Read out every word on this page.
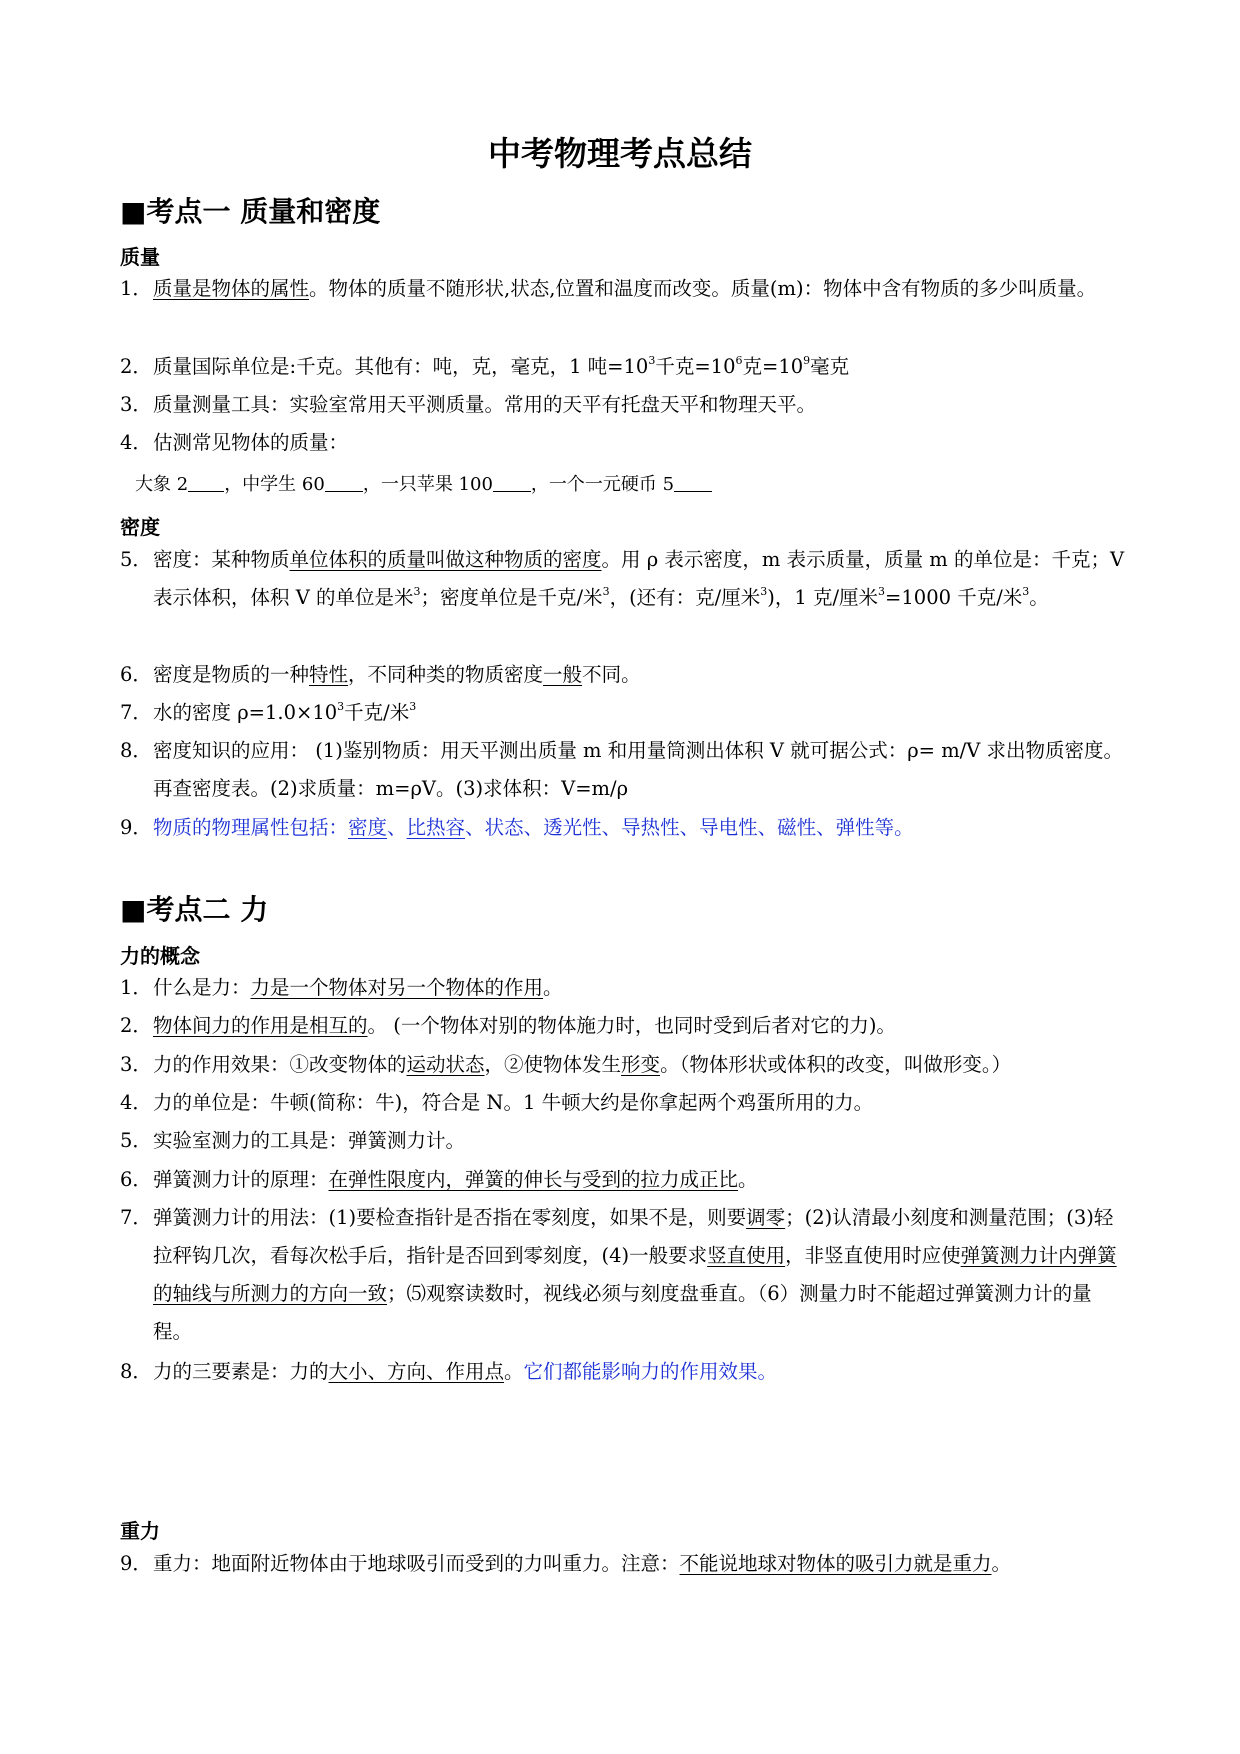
中考物理考点总结
■考点一 质量和密度
质量
1． 质量是物体的属性。物体的质量不随形状,状态,位置和温度而改变。质量(m)：物体中含有物质的多少叫质量。
2． 质量国际单位是:千克。其他有：吨，克，毫克，1 吨$=10^3$千克$=10^6$克$=10^9$毫克
3． 质量测量工具：实验室常用天平测质量。常用的天平有托盘天平和物理天平。
4． 估测常见物体的质量：
大象 2 ，中学生 60 ，一只苹果 100 ，一个一元硬币 5
密度
5． 密度：某种物质单位体积的质量叫做这种物质的密度。用 ρ 表示密度，m 表示质量，质量 m 的单位是：千克；V 表示体积，体积 V 的单位是米$^3$；密度单位是千克/米$^3$，(还有：克/厘米$^3$)，1 克/厘米$^3$=1000 千克/米$^3$。
6． 密度是物质的一种特性，不同种类的物质密度一般不同。
7． 水的密度 $\rho=1.0\times 10^3$千克/米$^3$
8． 密度知识的应用： (1)鉴别物质：用天平测出质量 m 和用量筒测出体积 V 就可据公式：ρ= m/V 求出物质密度。再查密度表。(2)求质量：m=ρV。(3)求体积：V=m/ρ
9． 物质的物理属性包括：密度、比热容、状态、透光性、导热性、导电性、磁性、弹性等。
■考点二 力
力的概念
1． 什么是力：力是一个物体对另一个物体的作用。
2． 物体间力的作用是相互的。 (一个物体对别的物体施力时，也同时受到后者对它的力)。
3． 力的作用效果：①改变物体的运动状态，②使物体发生形变。（物体形状或体积的改变，叫做形变。）
4． 力的单位是：牛顿(简称：牛)，符合是 N。1 牛顿大约是你拿起两个鸡蛋所用的力。
5． 实验室测力的工具是：弹簧测力计。
6． 弹簧测力计的原理：在弹性限度内，弹簧的伸长与受到的拉力成正比。
7． 弹簧测力计的用法：(1)要检查指针是否指在零刻度，如果不是，则要调零；(2)认清最小刻度和测量范围；(3)轻拉秤钩几次，看每次松手后，指针是否回到零刻度，(4)一般要求竖直使用，非竖直使用时应使弹簧测力计内弹簧的轴线与所测力的方向一致；⑸观察读数时，视线必须与刻度盘垂直。（6）测量力时不能超过弹簧测力计的量程。
8． 力的三要素是：力的大小、方向、作用点。它们都能影响力的作用效果。
重力
9． 重力：地面附近物体由于地球吸引而受到的力叫重力。注意：不能说地球对物体的吸引力就是重力。
